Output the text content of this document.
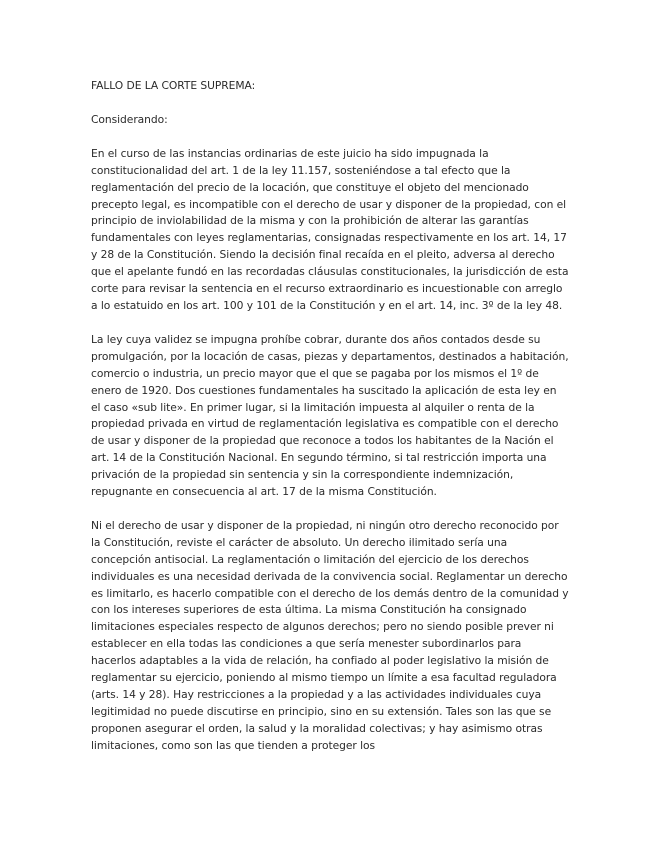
FALLO DE LA CORTE SUPREMA:

Considerando:

En el curso de las instancias ordinarias de este juicio ha sido impugnada la constitucionalidad del art. 1 de la ley 11.157, sosteniéndose a tal efecto que la reglamentación del precio de la locación, que constituye el objeto del mencionado precepto legal, es incompatible con el derecho de usar y disponer de la propiedad, con el principio de inviolabilidad de la misma y con la prohibición de alterar las garantías fundamentales con leyes reglamentarias, consignadas respectivamente en los art. 14, 17 y 28 de la Constitución. Siendo la decisión final recaída en el pleito, adversa al derecho que el apelante fundó en las recordadas cláusulas constitucionales, la jurisdicción de esta corte para revisar la sentencia en el recurso extraordinario es incuestionable con arreglo a lo estatuido en los art. 100 y 101 de la Constitución y en el art. 14, inc. 3º de la ley 48.

La ley cuya validez se impugna prohíbe cobrar, durante dos años contados desde su promulgación, por la locación de casas, piezas y departamentos, destinados a habitación, comercio o industria, un precio mayor que el que se pagaba por los mismos el 1º de enero de 1920. Dos cuestiones fundamentales ha suscitado la aplicación de esta ley en el caso «sub lite». En primer lugar, si la limitación impuesta al alquiler o renta de la propiedad privada en virtud de reglamentación legislativa es compatible con el derecho de usar y disponer de la propiedad que reconoce a todos los habitantes de la Nación el art. 14 de la Constitución Nacional. En segundo término, si tal restricción importa una privación de la propiedad sin sentencia y sin la correspondiente indemnización, repugnante en consecuencia al art. 17 de la misma Constitución.

Ni el derecho de usar y disponer de la propiedad, ni ningún otro derecho reconocido por la Constitución, reviste el carácter de absoluto. Un derecho ilimitado sería una concepción antisocial. La reglamentación o limitación del ejercicio de los derechos individuales es una necesidad derivada de la convivencia social. Reglamentar un derecho es limitarlo, es hacerlo compatible con el derecho de los demás dentro de la comunidad y con los intereses superiores de esta última. La misma Constitución ha consignado limitaciones especiales respecto de algunos derechos; pero no siendo posible prever ni establecer en ella todas las condiciones a que sería menester subordinarlos para hacerlos adaptables a la vida de relación, ha confiado al poder legislativo la misión de reglamentar su ejercicio, poniendo al mismo tiempo un límite a esa facultad reguladora (arts. 14 y 28). Hay restricciones a la propiedad y a las actividades individuales cuya legitimidad no puede discutirse en principio, sino en su extensión. Tales son las que se proponen asegurar el orden, la salud y la moralidad colectivas; y hay asimismo otras limitaciones, como son las que tienden a proteger los
